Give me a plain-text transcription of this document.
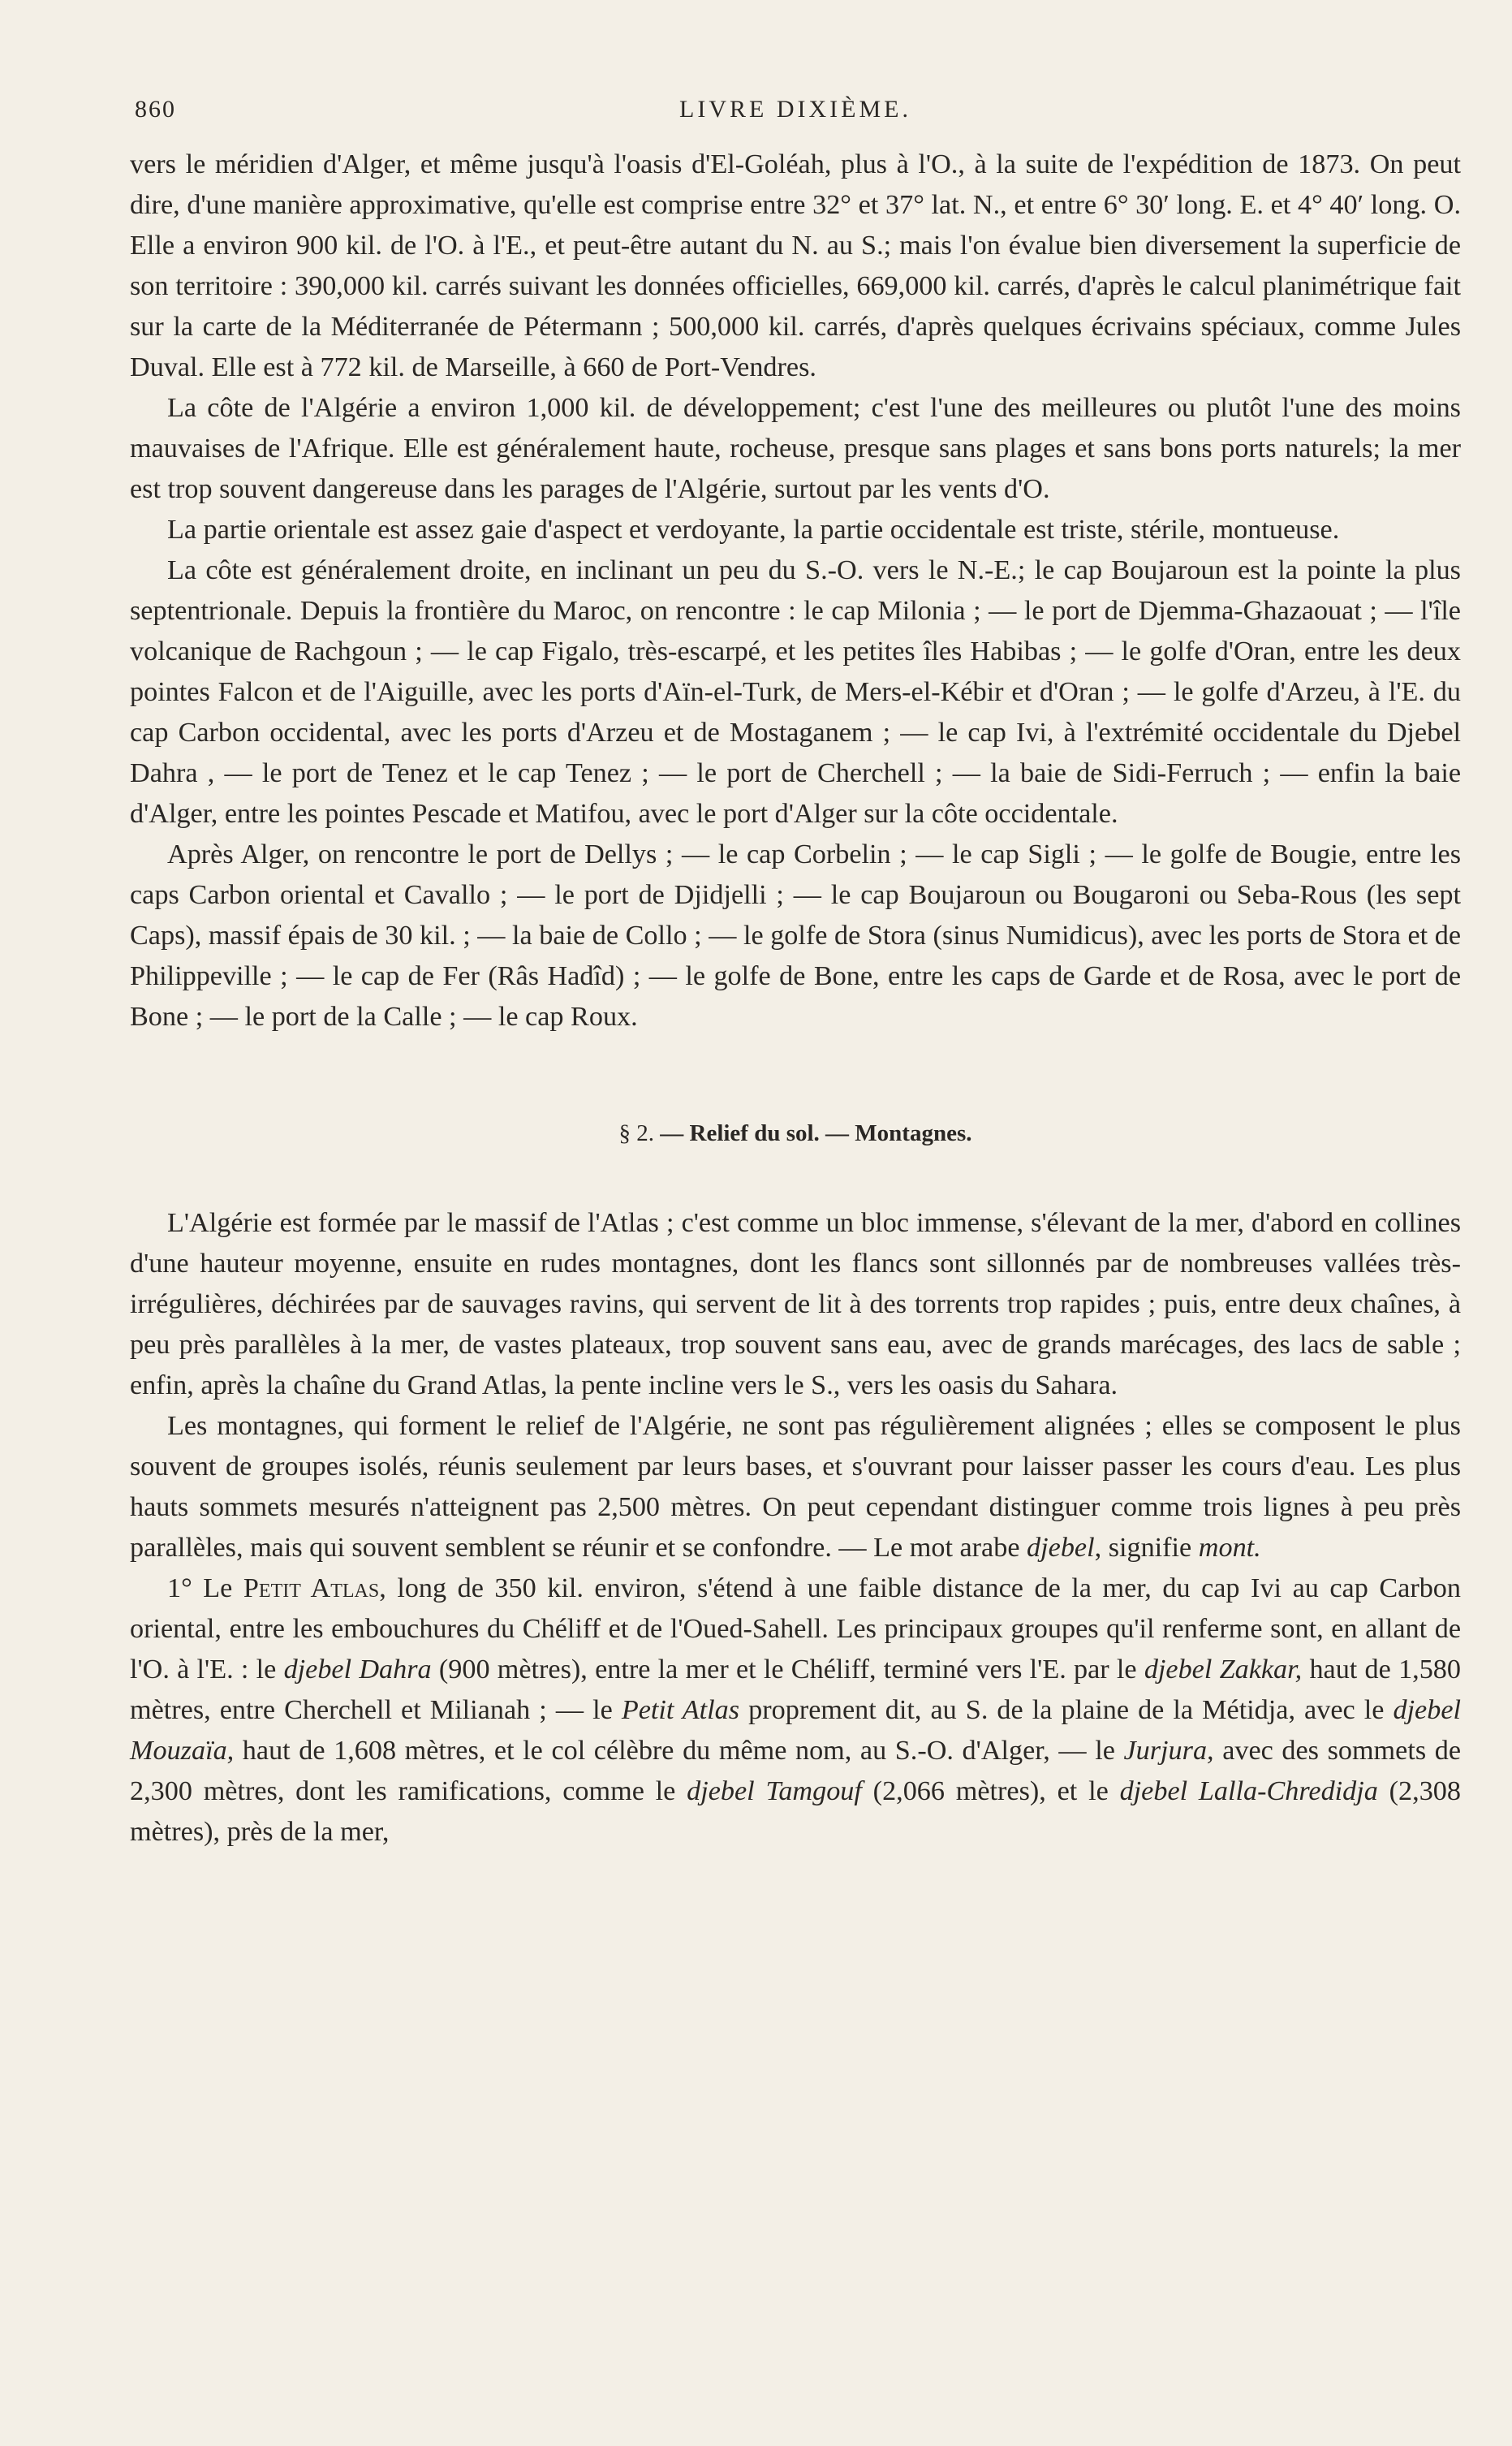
860	LIVRE DIXIÈME.

vers le méridien d'Alger, et même jusqu'à l'oasis d'El-Goléah, plus à l'O., à la suite de l'expédition de 1873. On peut dire, d'une manière approximative, qu'elle est comprise entre 32° et 37° lat. N., et entre 6° 30′ long. E. et 4° 40′ long. O. Elle a environ 900 kil. de l'O. à l'E., et peut-être autant du N. au S.; mais l'on évalue bien diversement la superficie de son territoire : 390,000 kil. carrés suivant les données officielles, 669,000 kil. carrés, d'après le calcul planimétrique fait sur la carte de la Méditerranée de Pétermann ; 500,000 kil. carrés, d'après quelques écrivains spéciaux, comme Jules Duval. Elle est à 772 kil. de Marseille, à 660 de Port-Vendres.

La côte de l'Algérie a environ 1,000 kil. de développement; c'est l'une des meilleures ou plutôt l'une des moins mauvaises de l'Afrique. Elle est généralement haute, rocheuse, presque sans plages et sans bons ports naturels; la mer est trop souvent dangereuse dans les parages de l'Algérie, surtout par les vents d'O.

La partie orientale est assez gaie d'aspect et verdoyante, la partie occidentale est triste, stérile, montueuse.

La côte est généralement droite, en inclinant un peu du S.-O. vers le N.-E.; le cap Boujaroun est la pointe la plus septentrionale. Depuis la frontière du Maroc, on rencontre : le cap Milonia ; — le port de Djemma-Ghazaouat ; — l'île volcanique de Rachgoun ; — le cap Figalo, très-escarpé, et les petites îles Habibas ; — le golfe d'Oran, entre les deux pointes Falcon et de l'Aiguille, avec les ports d'Aïn-el-Turk, de Mers-el-Kébir et d'Oran ; — le golfe d'Arzeu, à l'E. du cap Carbon occidental, avec les ports d'Arzeu et de Mostaganem ; — le cap Ivi, à l'extrémité occidentale du Djebel Dahra , — le port de Tenez et le cap Tenez ; — le port de Cherchell ; — la baie de Sidi-Ferruch ; — enfin la baie d'Alger, entre les pointes Pescade et Matifou, avec le port d'Alger sur la côte occidentale.

Après Alger, on rencontre le port de Dellys ; — le cap Corbelin ; — le cap Sigli ; — le golfe de Bougie, entre les caps Carbon oriental et Cavallo ; — le port de Djidjelli ; — le cap Boujaroun ou Bougaroni ou Seba-Rous (les sept Caps), massif épais de 30 kil. ; — la baie de Collo ; — le golfe de Stora (sinus Numidicus), avec les ports de Stora et de Philippeville ; — le cap de Fer (Râs Hadîd) ; — le golfe de Bone, entre les caps de Garde et de Rosa, avec le port de Bone ; — le port de la Calle ; — le cap Roux.

§ 2. — Relief du sol. — Montagnes.

L'Algérie est formée par le massif de l'Atlas ; c'est comme un bloc immense, s'élevant de la mer, d'abord en collines d'une hauteur moyenne, ensuite en rudes montagnes, dont les flancs sont sillonnés par de nombreuses vallées très-irrégulières, déchirées par de sauvages ravins, qui servent de lit à des torrents trop rapides ; puis, entre deux chaînes, à peu près parallèles à la mer, de vastes plateaux, trop souvent sans eau, avec de grands marécages, des lacs de sable ; enfin, après la chaîne du Grand Atlas, la pente incline vers le S., vers les oasis du Sahara.

Les montagnes, qui forment le relief de l'Algérie, ne sont pas régulièrement alignées ; elles se composent le plus souvent de groupes isolés, réunis seulement par leurs bases, et s'ouvrant pour laisser passer les cours d'eau. Les plus hauts sommets mesurés n'atteignent pas 2,500 mètres. On peut cependant distinguer comme trois lignes à peu près parallèles, mais qui souvent semblent se réunir et se confondre. — Le mot arabe djebel, signifie mont.

1° Le Petit Atlas, long de 350 kil. environ, s'étend à une faible distance de la mer, du cap Ivi au cap Carbon oriental, entre les embouchures du Chéliff et de l'Oued-Sahell. Les principaux groupes qu'il renferme sont, en allant de l'O. à l'E. : le djebel Dahra (900 mètres), entre la mer et le Chéliff, terminé vers l'E. par le djebel Zakkar, haut de 1,580 mètres, entre Cherchell et Milianah ; — le Petit Atlas proprement dit, au S. de la plaine de la Métidja, avec le djebel Mouzaïa, haut de 1,608 mètres, et le col célèbre du même nom, au S.-O. d'Alger, — le Jurjura, avec des sommets de 2,300 mètres, dont les ramifications, comme le djebel Tamgouf (2,066 mètres), et le djebel Lalla-Chredidja (2,308 mètres), près de la mer,
